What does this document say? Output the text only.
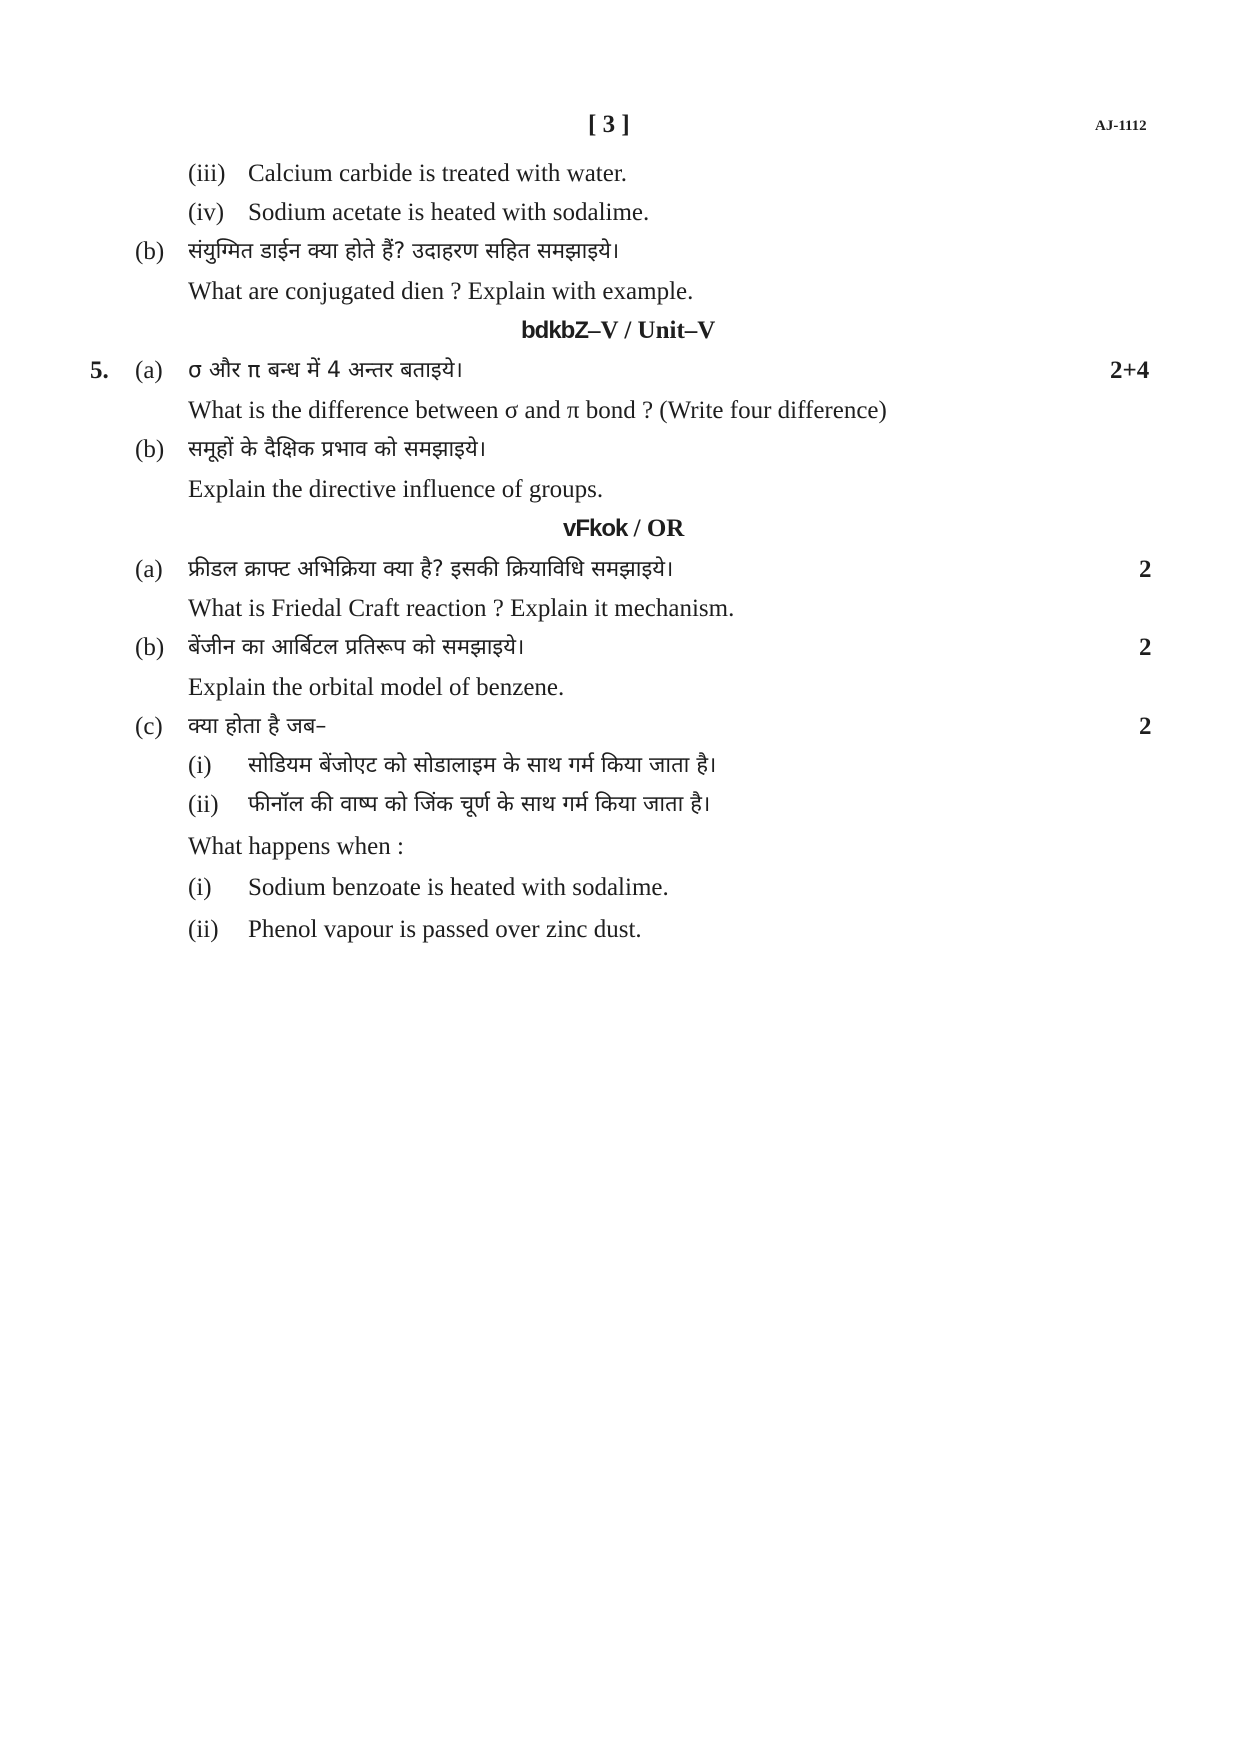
[ 3 ]	AJ-1112
(iii) Calcium carbide is treated with water.
(iv) Sodium acetate is heated with sodalime.
(b) संयुग्मित डाईन क्या होते हैं? उदाहरण सहित समझाइये।
What are conjugated dien ? Explain with example.
bdkbZ–V / Unit–V
5. (a) σ और π बन्ध में 4 अन्तर बताइये।	2+4
What is the difference between σ and π bond ? (Write four difference)
(b) समूहों के दैक्षिक प्रभाव को समझाइये।
Explain the directive influence of groups.
vFkok / OR
(a) फ्रीडल क्राफ्ट अभिक्रिया क्या है? इसकी क्रियाविधि समझाइये।	2
What is Friedal Craft reaction ? Explain it mechanism.
(b) बेंजीन का आर्बिटल प्रतिरूप को समझाइये।	2
Explain the orbital model of benzene.
(c) क्या होता है जब–	2
(i) सोडियम बेंजोएट को सोडालाइम के साथ गर्म किया जाता है।
(ii) फीनॉल की वाष्प को जिंक चूर्ण के साथ गर्म किया जाता है।
What happens when :
(i) Sodium benzoate is heated with sodalime.
(ii) Phenol vapour is passed over zinc dust.
